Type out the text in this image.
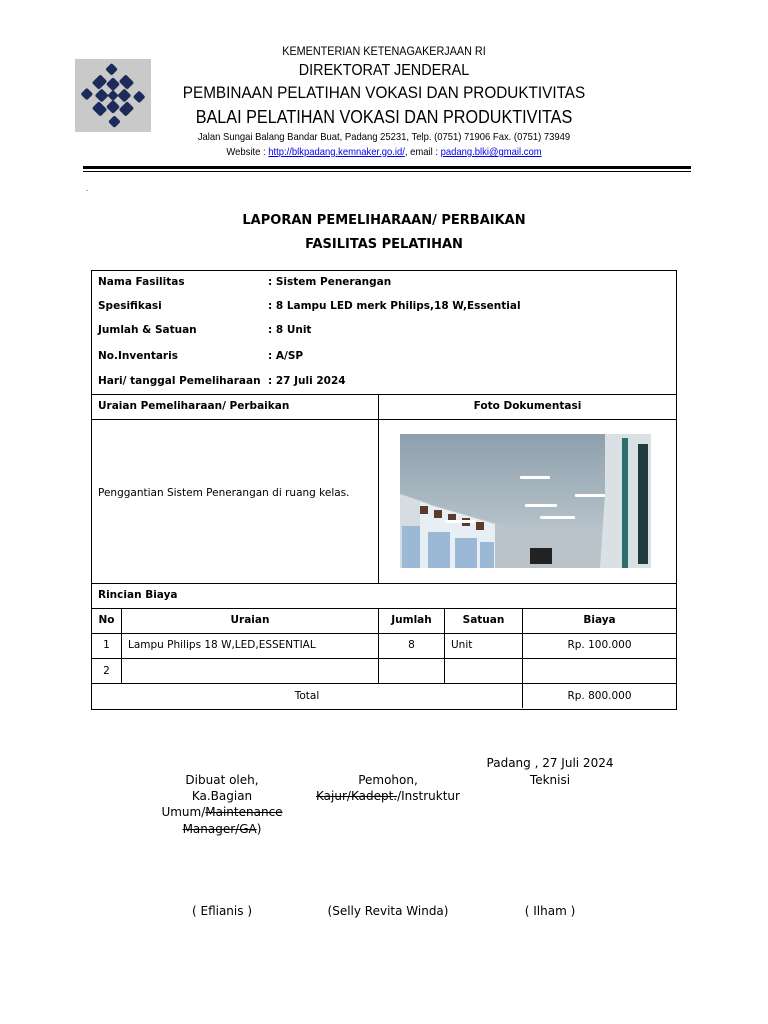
KEMENTERIAN KETENAGAKERJAAN RI
DIREKTORAT JENDERAL
PEMBINAAN PELATIHAN VOKASI DAN PRODUKTIVITAS
BALAI PELATIHAN VOKASI DAN PRODUKTIVITAS
Jalan Sungai Balang Bandar Buat, Padang 25231, Telp. (0751) 71906 Fax. (0751) 73949
Website : http://blkpadang.kemnaker.go.id/, email : padang.blki@gmail.com
.
LAPORAN PEMELIHARAAN/ PERBAIKAN
FASILITAS PELATIHAN
Nama Fasilitas	: Sistem Penerangan
Spesifikasi	: 8 Lampu LED merk Philips,18 W,Essential
Jumlah & Satuan	: 8 Unit
No.Inventaris	: A/SP
Hari/ tanggal Pemeliharaan : 27 Juli 2024
Uraian Pemeliharaan/ Perbaikan	Foto Dokumentasi
Penggantian Sistem Penerangan di ruang kelas.
Rincian Biaya
No	Uraian	Jumlah	Satuan	Biaya
1	Lampu Philips 18 W,LED,ESSENTIAL	8	Unit	Rp. 100.000
2
Total	Rp. 800.000
Padang , 27 Juli 2024
Dibuat oleh,
Ka.Bagian
Umum/Maintenance
Manager/GA)
( Eflianis )
Pemohon,
Kajur/Kadept./Instruktur
(Selly Revita Winda)
Teknisi
( Ilham )
